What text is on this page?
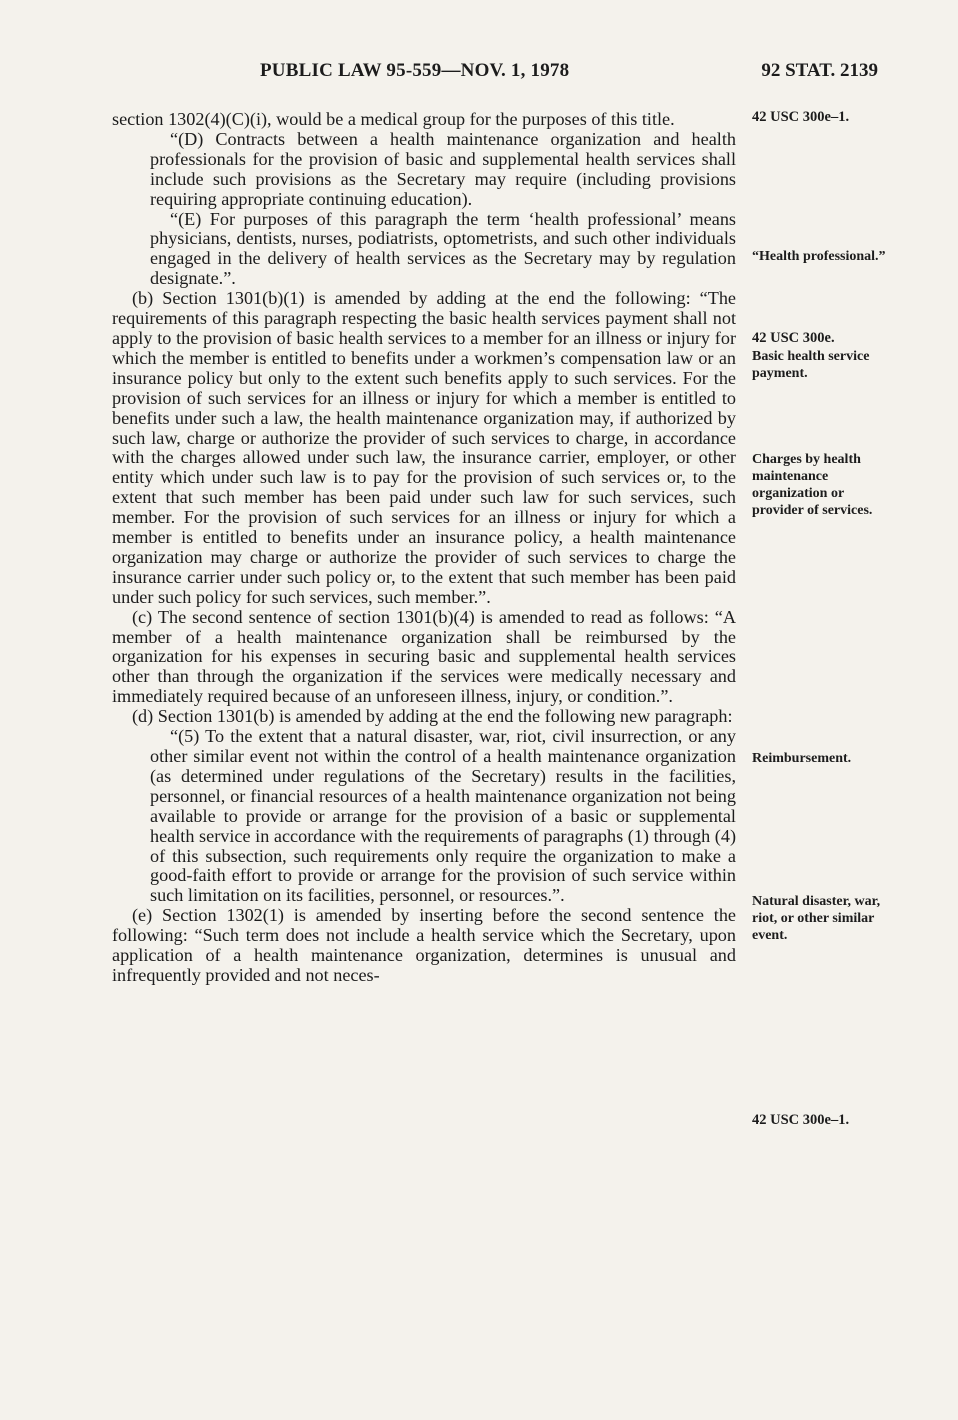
PUBLIC LAW 95-559—NOV. 1, 1978	92 STAT. 2139

section 1302(4)(C)(i), would be a medical group for the purposes of this title.

“(D) Contracts between a health maintenance organization and health professionals for the provision of basic and supplemental health services shall include such provisions as the Secretary may require (including provisions requiring appropriate continuing education).

“(E) For purposes of this paragraph the term ‘health professional’ means physicians, dentists, nurses, podiatrists, optometrists, and such other individuals engaged in the delivery of health services as the Secretary may by regulation designate.”.

(b) Section 1301(b)(1) is amended by adding at the end the following: “The requirements of this paragraph respecting the basic health services payment shall not apply to the provision of basic health services to a member for an illness or injury for which the member is entitled to benefits under a workmen’s compensation law or an insurance policy but only to the extent such benefits apply to such services. For the provision of such services for an illness or injury for which a member is entitled to benefits under such a law, the health maintenance organization may, if authorized by such law, charge or authorize the provider of such services to charge, in accordance with the charges allowed under such law, the insurance carrier, employer, or other entity which under such law is to pay for the provision of such services or, to the extent that such member has been paid under such law for such services, such member. For the provision of such services for an illness or injury for which a member is entitled to benefits under an insurance policy, a health maintenance organization may charge or authorize the provider of such services to charge the insurance carrier under such policy or, to the extent that such member has been paid under such policy for such services, such member.”.

(c) The second sentence of section 1301(b)(4) is amended to read as follows: “A member of a health maintenance organization shall be reimbursed by the organization for his expenses in securing basic and supplemental health services other than through the organization if the services were medically necessary and immediately required because of an unforeseen illness, injury, or condition.”.

(d) Section 1301(b) is amended by adding at the end the following new paragraph:

“(5) To the extent that a natural disaster, war, riot, civil insurrection, or any other similar event not within the control of a health maintenance organization (as determined under regulations of the Secretary) results in the facilities, personnel, or financial resources of a health maintenance organization not being available to provide or arrange for the provision of a basic or supplemental health service in accordance with the requirements of paragraphs (1) through (4) of this subsection, such requirements only require the organization to make a good-faith effort to provide or arrange for the provision of such service within such limitation on its facilities, personnel, or resources.”.

(e) Section 1302(1) is amended by inserting before the second sentence the following: “Such term does not include a health service which the Secretary, upon application of a health maintenance organization, determines is unusual and infrequently provided and not neces-

42 USC 300e–1.
“Health professional.”
42 USC 300e.
Basic health service payment.
Charges by health maintenance organization or provider of services.
Reimbursement.
Natural disaster, war, riot, or other similar event.
42 USC 300e–1.
